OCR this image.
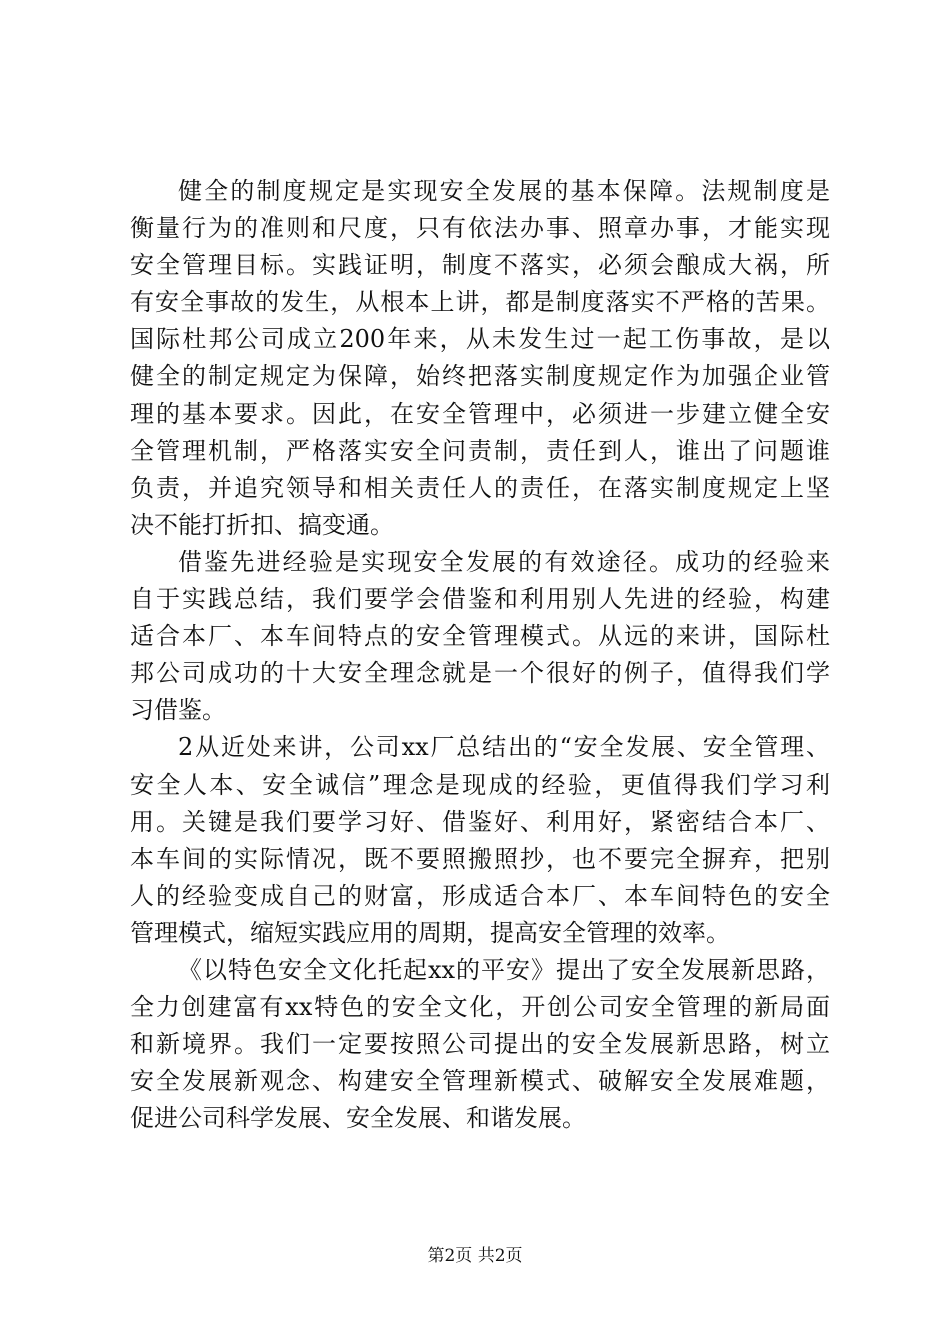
健全的制度规定是实现安全发展的基本保障。法规制度是
衡量行为的准则和尺度，只有依法办事、照章办事，才能实现
安全管理目标。实践证明，制度不落实，必须会酿成大祸，所
有安全事故的发生，从根本上讲，都是制度落实不严格的苦果。
国际杜邦公司成立200年来，从未发生过一起工伤事故，是以
健全的制定规定为保障，始终把落实制度规定作为加强企业管
理的基本要求。因此，在安全管理中，必须进一步建立健全安
全管理机制，严格落实安全问责制，责任到人，谁出了问题谁
负责，并追究领导和相关责任人的责任，在落实制度规定上坚
决不能打折扣、搞变通。
借鉴先进经验是实现安全发展的有效途径。成功的经验来
自于实践总结，我们要学会借鉴和利用别人先进的经验，构建
适合本厂、本车间特点的安全管理模式。从远的来讲，国际杜
邦公司成功的十大安全理念就是一个很好的例子，值得我们学
习借鉴。
2从近处来讲，公司xx厂总结出的“安全发展、安全管理、
安全人本、安全诚信”理念是现成的经验，更值得我们学习利
用。关键是我们要学习好、借鉴好、利用好，紧密结合本厂、
本车间的实际情况，既不要照搬照抄，也不要完全摒弃，把别
人的经验变成自己的财富，形成适合本厂、本车间特色的安全
管理模式，缩短实践应用的周期，提高安全管理的效率。
《以特色安全文化托起xx的平安》提出了安全发展新思路，
全力创建富有xx特色的安全文化，开创公司安全管理的新局面
和新境界。我们一定要按照公司提出的安全发展新思路，树立
安全发展新观念、构建安全管理新模式、破解安全发展难题，
促进公司科学发展、安全发展、和谐发展。
第2页 共2页
